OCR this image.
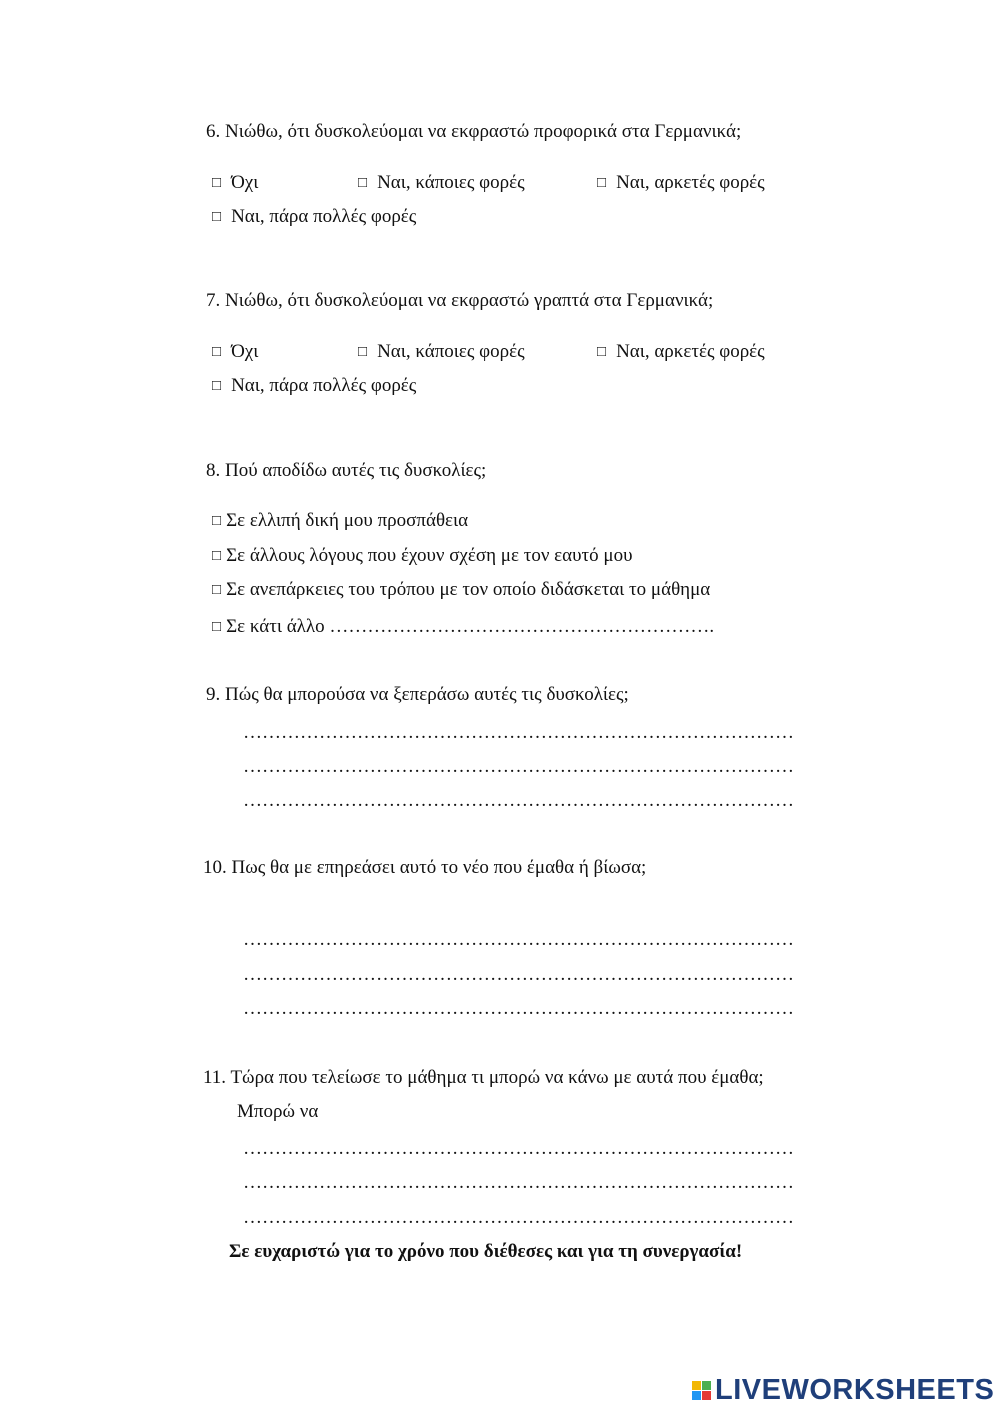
6. Νιώθω, ότι δυσκολεύομαι να εκφραστώ προφορικά στα Γερμανικά;
□ Όχι	□ Ναι, κάποιες φορές	□ Ναι, αρκετές φορές
□ Ναι, πάρα πολλές φορές
7. Νιώθω, ότι δυσκολεύομαι να εκφραστώ γραπτά στα Γερμανικά;
□ Όχι	□ Ναι, κάποιες φορές	□ Ναι, αρκετές φορές
□ Ναι, πάρα πολλές φορές
8. Πού αποδίδω αυτές τις δυσκολίες;
□ Σε ελλιπή δική μου προσπάθεια
□ Σε άλλους λόγους που έχουν σχέση με τον εαυτό μου
□ Σε ανεπάρκειες του τρόπου με τον οποίο διδάσκεται το μάθημα
□ Σε κάτι άλλο …………………………………………………….
9. Πώς θα μπορούσα να ξεπεράσω αυτές τις δυσκολίες;
……………………………………………………………………………
……………………………………………………………………………
……………………………………………………………………………
10. Πως θα με επηρεάσει αυτό το νέο που έμαθα ή βίωσα;
……………………………………………………………………………
……………………………………………………………………………
……………………………………………………………………………
11. Τώρα που τελείωσε το μάθημα τι μπορώ να κάνω με αυτά που έμαθα;
Μπορώ να
……………………………………………………………………………
……………………………………………………………………………
……………………………………………………………………………
Σε ευχαριστώ για το χρόνο που διέθεσες και για τη συνεργασία!
LIVEWORKSHEETS
